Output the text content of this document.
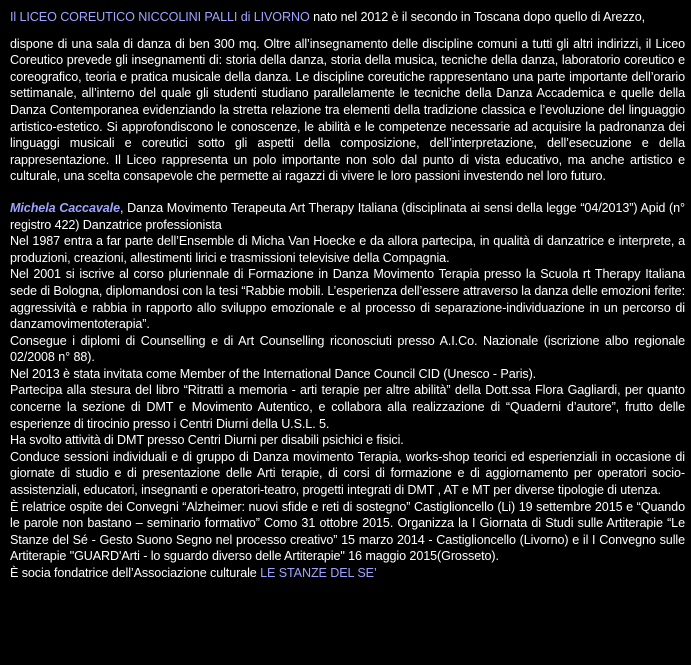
Il LICEO COREUTICO NICCOLINI PALLI di LIVORNO nato nel 2012 è il secondo in Toscana dopo quello di Arezzo,

dispone di una sala di danza di ben 300 mq. Oltre all’insegnamento delle discipline comuni a tutti gli altri indirizzi, il Liceo Coreutico prevede gli insegnamenti di: storia della danza, storia della musica, tecniche della danza, laboratorio coreutico e coreografico, teoria e pratica musicale della danza. Le discipline coreutiche rappresentano una parte importante dell’orario settimanale, all’interno del quale gli studenti studiano parallelamente le tecniche della Danza Accademica e quelle della Danza Contemporanea evidenziando la stretta relazione tra elementi della tradizione classica e l’evoluzione del linguaggio artistico-estetico. Si approfondiscono le conoscenze, le abilità e le competenze necessarie ad acquisire la padronanza dei linguaggi musicali e coreutici sotto gli aspetti della composizione, dell’interpretazione, dell’esecuzione e della rappresentazione. Il Liceo rappresenta un polo importante non solo dal punto di vista educativo, ma anche artistico e culturale, una scelta consapevole che permette ai ragazzi di vivere le loro passioni investendo nel loro futuro.

Michela Caccavale, Danza Movimento Terapeuta Art Therapy Italiana (disciplinata ai sensi della legge “04/2013”) Apid (n° registro 422) Danzatrice professionista

Nel 1987 entra a far parte dell’Ensemble di Micha Van Hoecke e da allora partecipa, in qualità di danzatrice e interprete, a produzioni, creazioni, allestimenti lirici e trasmissioni televisive della Compagnia.

Nel 2001 si iscrive al corso pluriennale di Formazione in Danza Movimento Terapia presso la Scuola rt Therapy Italiana sede di Bologna, diplomandosi con la tesi “Rabbie mobili. L’esperienza dell’essere attraverso la danza delle emozioni ferite: aggressività e rabbia in rapporto allo sviluppo emozionale e al processo di separazione-individuazione in un percorso di danzamovimentoterapia”.

Consegue i diplomi di Counselling e di Art Counselling riconosciuti presso A.I.Co. Nazionale (iscrizione albo regionale 02/2008 n° 88).

Nel 2013 è stata invitata come Member of the International Dance Council CID (Unesco - Paris).

Partecipa alla stesura del libro “Ritratti a memoria - arti terapie per altre abilità” della Dott.ssa Flora Gagliardi, per quanto concerne la sezione di DMT e Movimento Autentico, e collabora alla realizzazione di “Quaderni d’autore”, frutto delle esperienze di tirocinio presso i Centri Diurni della U.S.L. 5.

Ha svolto attività di DMT presso Centri Diurni per disabili psichici e fisici.

Conduce sessioni individuali e di gruppo di Danza movimento Terapia, works-shop teorici ed esperienziali in occasione di giornate di studio e di presentazione delle Arti terapie, di corsi di formazione e di aggiornamento per operatori socio-assistenziali, educatori, insegnanti e operatori-teatro, progetti integrati di DMT , AT e MT per diverse tipologie di utenza.

È relatrice ospite dei Convegni “Alzheimer: nuovi sfide e reti di sostegno” Castiglioncello (Li) 19 settembre 2015 e “Quando le parole non bastano – seminario formativo” Como 31 ottobre 2015. Organizza la I Giornata di Studi sulle Artiterapie “Le Stanze del Sé - Gesto Suono Segno nel processo creativo” 15 marzo 2014 - Castiglioncello (Livorno) e il I Convegno sulle Artiterapie "GUARD'Arti - lo sguardo diverso delle Artiterapie" 16 maggio 2015(Grosseto).

È socia fondatrice dell’Associazione culturale LE STANZE DEL SE’
